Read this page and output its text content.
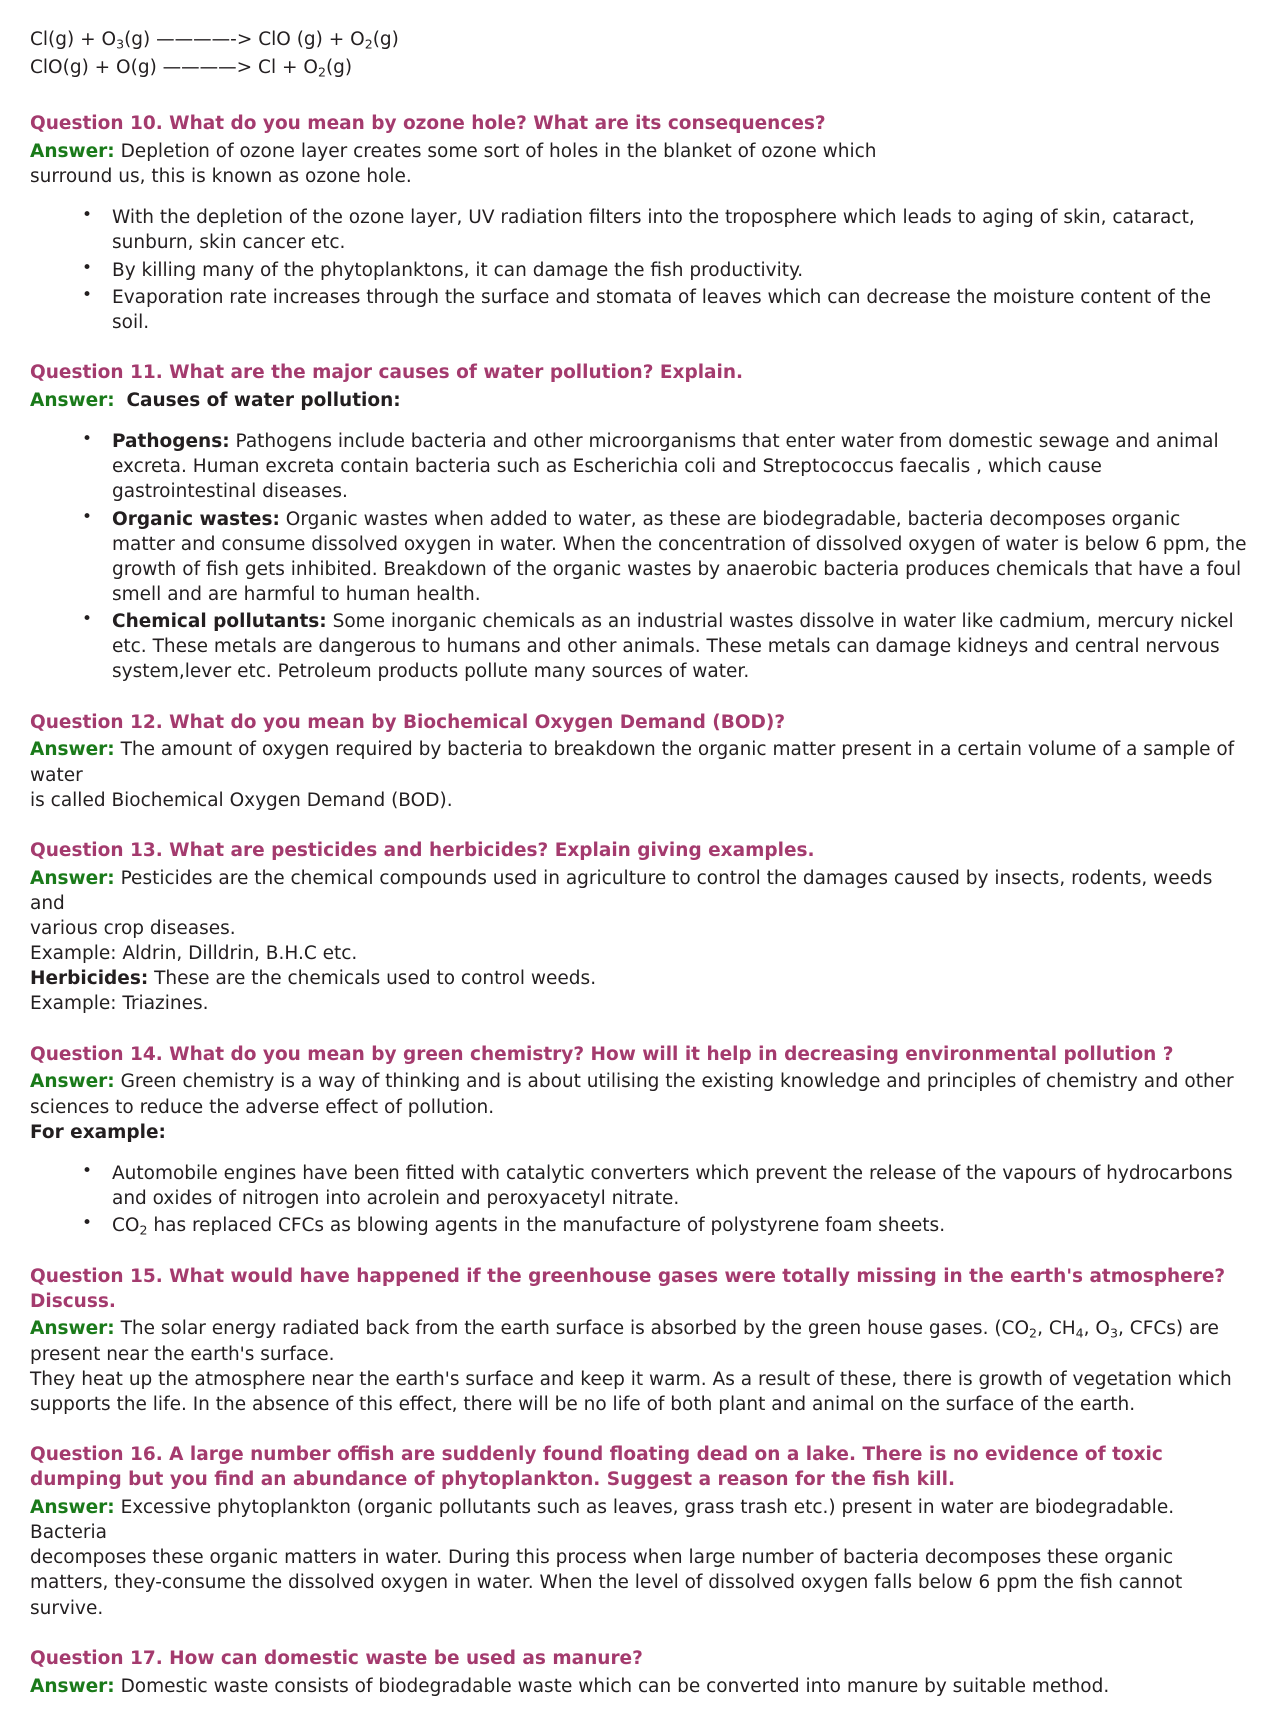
$Cl(g) + O_3(g)$ ————-> ClO $(g) + O_2(g)$
ClO(g) + O(g) ————> $Cl + O_2(g)$
Question 10. What do you mean by ozone hole? What are its consequences?

Answer: Depletion of ozone layer creates some sort of holes in the blanket of ozone which
surround us, this is known as ozone hole.

• With the depletion of the ozone layer, UV radiation filters into the troposphere which leads to aging of skin, cataract, sunburn, skin cancer etc.
• By killing many of the phytoplanktons, it can damage the fish productivity.
• Evaporation rate increases through the surface and stomata of leaves which can decrease the moisture content of the soil.
Question 11. What are the major causes of water pollution? Explain.

Answer: Causes of water pollution:

• Pathogens: Pathogens include bacteria and other microorganisms that enter water from domestic sewage and animal excreta. Human excreta contain bacteria such as Escherichia coli and Streptococcus faecalis , which cause gastrointestinal diseases.
• Organic wastes: Organic wastes when added to water, as these are biodegradable, bacteria decomposes organic matter and consume dissolved oxygen in water. When the concentration of dissolved oxygen of water is below 6 ppm, the growth of fish gets inhibited. Breakdown of the organic wastes by anaerobic bacteria produces chemicals that have a foul smell and are harmful to human health.
• Chemical pollutants: Some inorganic chemicals as an industrial wastes dissolve in water like cadmium, mercury nickel etc. These metals are dangerous to humans and other animals. These metals can damage kidneys and central nervous system,lever etc. Petroleum products pollute many sources of water.
Question 12. What do you mean by Biochemical Oxygen Demand (BOD)?

Answer: The amount of oxygen required by bacteria to breakdown the organic matter present in a certain volume of a sample of water
is called Biochemical Oxygen Demand (BOD).

Question 13. What are pesticides and herbicides? Explain giving examples.

Answer: Pesticides are the chemical compounds used in agriculture to control the damages caused by insects, rodents, weeds and
various crop diseases.
Example: Aldrin, Dilldrin, B.H.C etc.
Herbicides: These are the chemicals used to control weeds.
Example: Triazines.

Question 14. What do you mean by green chemistry? How will it help in decreasing environmental pollution ?

Answer: Green chemistry is a way of thinking and is about utilising the existing knowledge and principles of chemistry and other
sciences to reduce the adverse effect of pollution.
For example:

• Automobile engines have been fitted with catalytic converters which prevent the release of the vapours of hydrocarbons and oxides of nitrogen into acrolein and peroxyacetyl nitrate.
• $CO_2$ has replaced CFCs as blowing agents in the manufacture of polystyrene foam sheets.
Question 15. What would have happened if the greenhouse gases were totally missing in the earth's atmosphere? Discuss.

Answer: The solar energy radiated back from the earth surface is absorbed by the green house gases. ($CO_2$, $CH_4$, $O_3$, CFCs) are
present near the earth's surface.
They heat up the atmosphere near the earth's surface and keep it warm. As a result of these, there is growth of vegetation which supports the life. In the absence of this effect, there will be no life of both plant and animal on the surface of the earth.

Question 16. A large number offish are suddenly found floating dead on a lake. There is no evidence of toxic dumping but you find an abundance of phytoplankton. Suggest a reason for the fish kill.

Answer: Excessive phytoplankton (organic pollutants such as leaves, grass trash etc.) present in water are biodegradable. Bacteria
decomposes these organic matters in water. During this process when large number of bacteria decomposes these organic matters, they-consume the dissolved oxygen in water. When the level of dissolved oxygen falls below 6 ppm the fish cannot survive.

Question 17. How can domestic waste be used as manure?

Answer: Domestic waste consists of biodegradable waste which can be converted into manure by suitable method.
